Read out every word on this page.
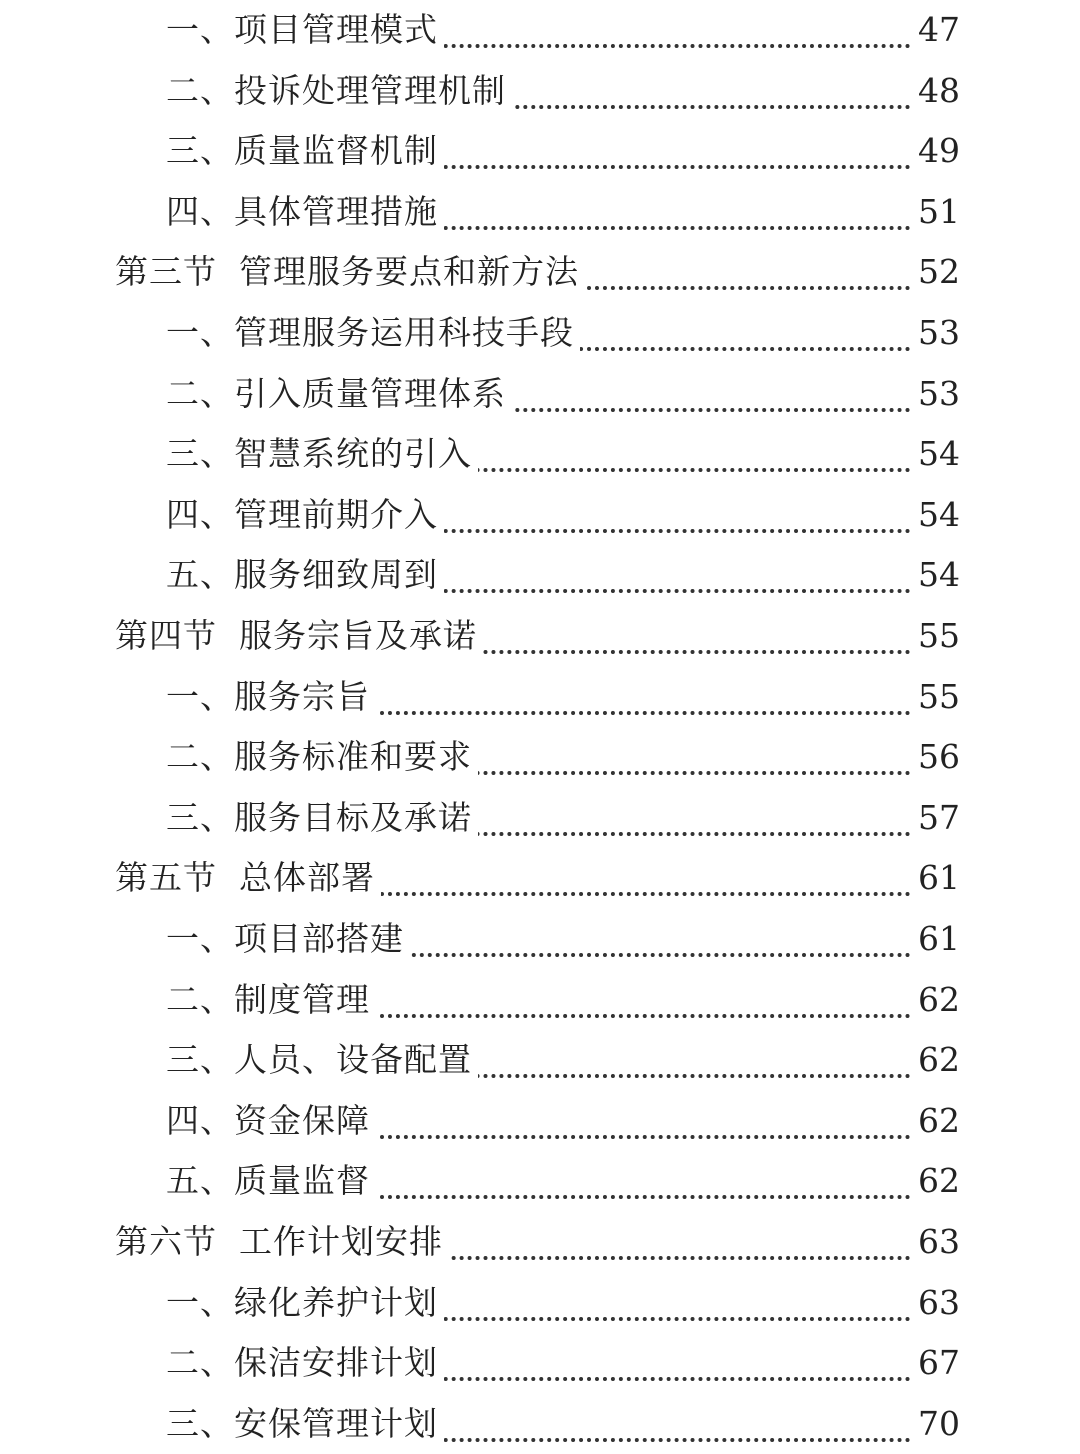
一、项目管理模式	47
二、投诉处理管理机制	48
三、质量监督机制	49
四、具体管理措施	51
第三节 管理服务要点和新方法	52
一、管理服务运用科技手段	53
二、引入质量管理体系	53
三、智慧系统的引入	54
四、管理前期介入	54
五、服务细致周到	54
第四节 服务宗旨及承诺	55
一、服务宗旨	55
二、服务标准和要求	56
三、服务目标及承诺	57
第五节 总体部署	61
一、项目部搭建	61
二、制度管理	62
三、人员、设备配置	62
四、资金保障	62
五、质量监督	62
第六节 工作计划安排	63
一、绿化养护计划	63
二、保洁安排计划	67
三、安保管理计划	70
